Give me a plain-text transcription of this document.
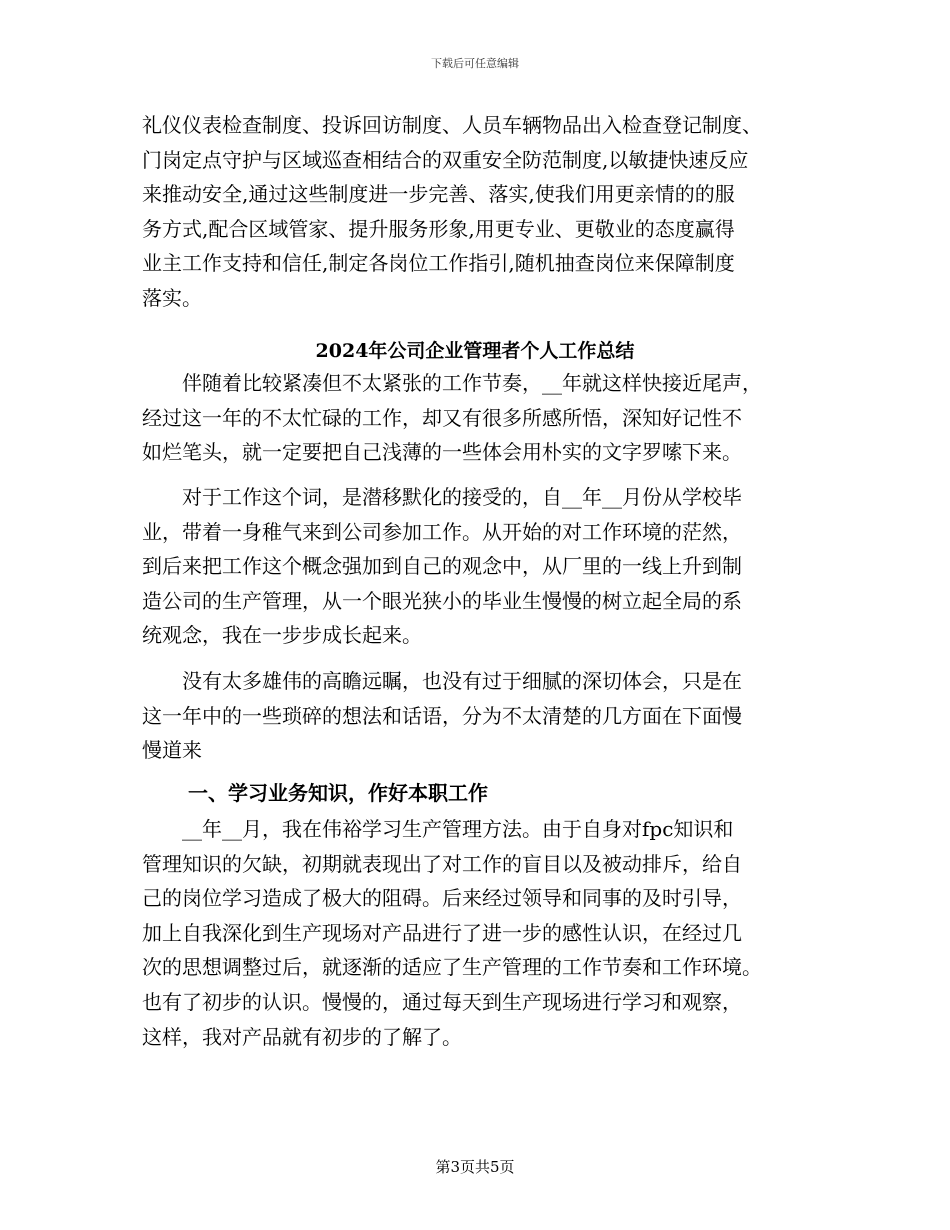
下载后可任意编辑
礼仪仪表检查制度、投诉回访制度、人员车辆物品出入检查登记制度、
门岗定点守护与区域巡查相结合的双重安全防范制度,以敏捷快速反应
来推动安全,通过这些制度进一步完善、落实,使我们用更亲情的的服
务方式,配合区域管家、提升服务形象,用更专业、更敬业的态度赢得
业主工作支持和信任,制定各岗位工作指引,随机抽查岗位来保障制度
落实。
2024年公司企业管理者个人工作总结
　　伴随着比较紧凑但不太紧张的工作节奏，__年就这样快接近尾声，
经过这一年的不太忙碌的工作，却又有很多所感所悟，深知好记性不
如烂笔头，就一定要把自己浅薄的一些体会用朴实的文字罗嗦下来。
　　对于工作这个词，是潜移默化的接受的，自__年__月份从学校毕
业，带着一身稚气来到公司参加工作。从开始的对工作环境的茫然，
到后来把工作这个概念强加到自己的观念中，从厂里的一线上升到制
造公司的生产管理，从一个眼光狭小的毕业生慢慢的树立起全局的系
统观念，我在一步步成长起来。
　　没有太多雄伟的高瞻远瞩，也没有过于细腻的深切体会，只是在
这一年中的一些琐碎的想法和话语，分为不太清楚的几方面在下面慢
慢道来
一、学习业务知识，作好本职工作
　　__年__月，我在伟裕学习生产管理方法。由于自身对fpc知识和
管理知识的欠缺，初期就表现出了对工作的盲目以及被动排斥，给自
己的岗位学习造成了极大的阻碍。后来经过领导和同事的及时引导，
加上自我深化到生产现场对产品进行了进一步的感性认识，在经过几
次的思想调整过后，就逐渐的适应了生产管理的工作节奏和工作环境。
也有了初步的认识。慢慢的，通过每天到生产现场进行学习和观察，
这样，我对产品就有初步的了解了。
第3页共5页
